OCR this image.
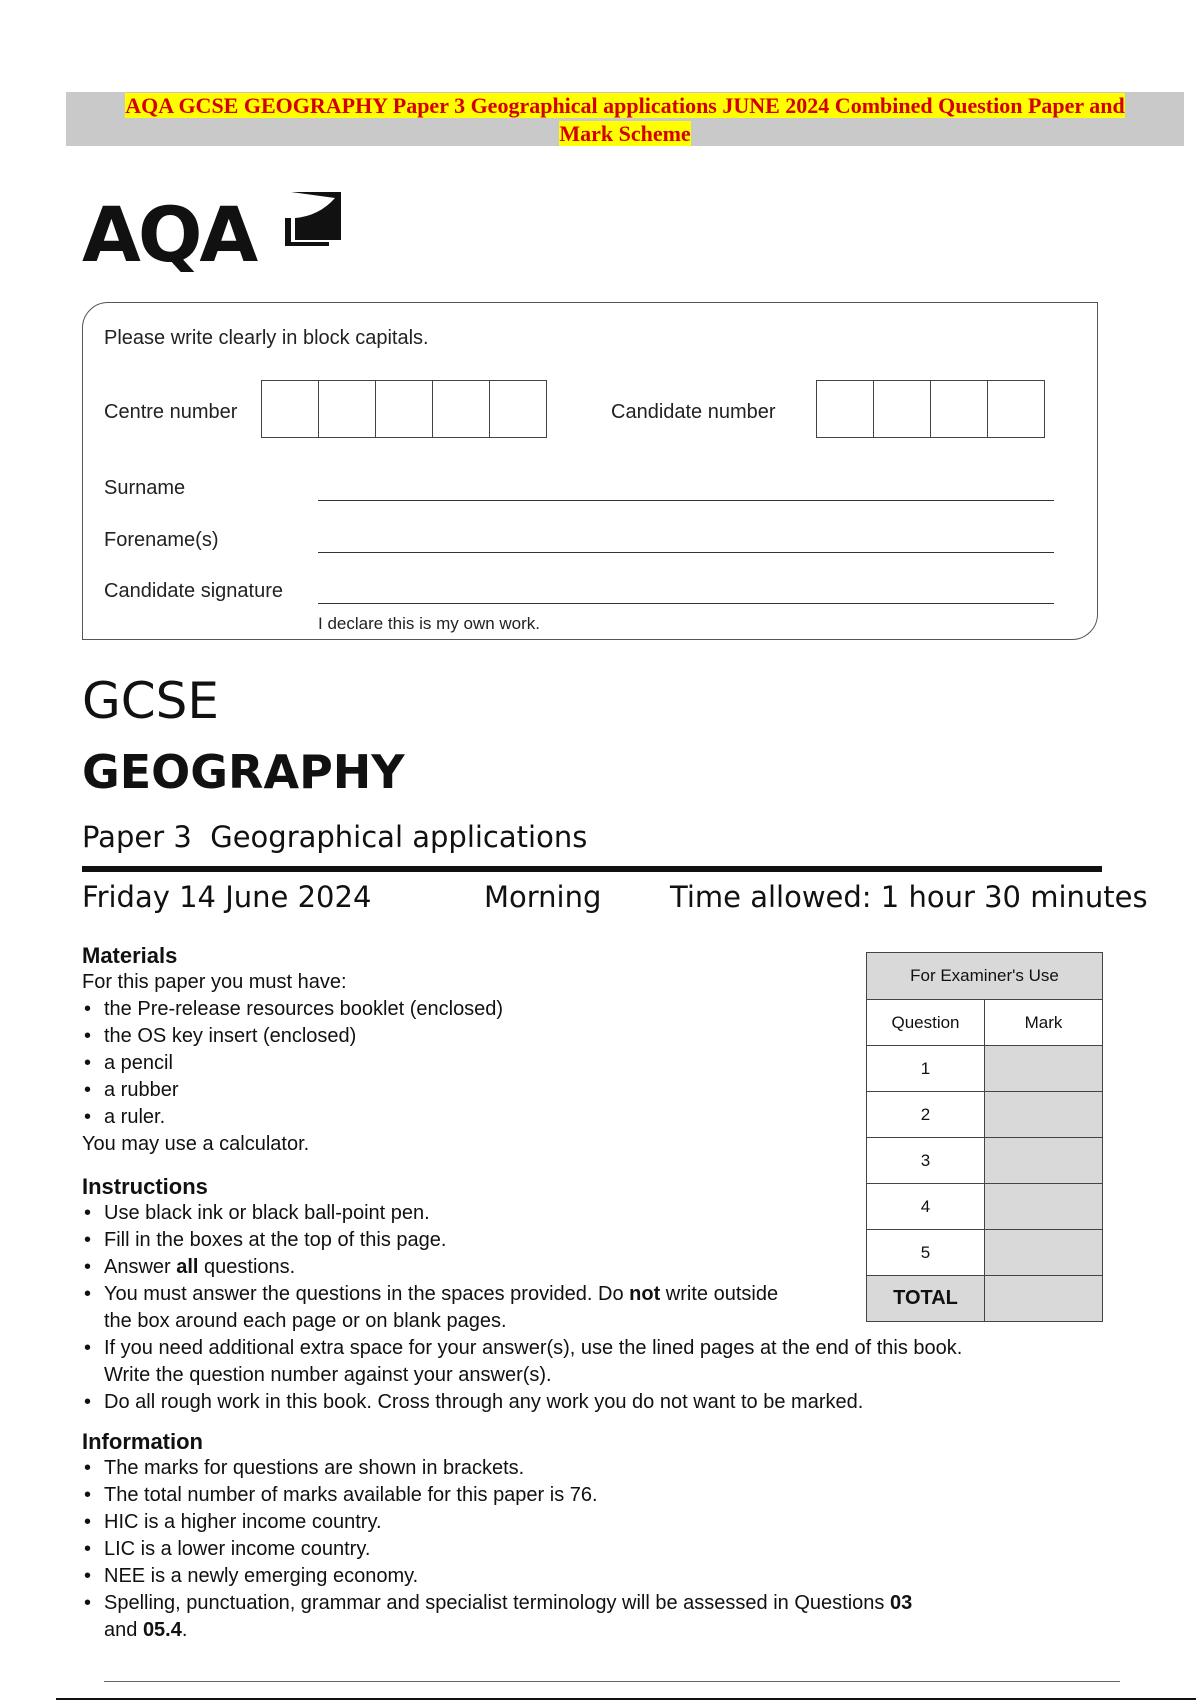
AQA GCSE GEOGRAPHY Paper 3 Geographical applications JUNE 2024 Combined Question Paper and
Mark Scheme
AQA
Please write clearly in block capitals.
Centre number	Candidate number
Surname
Forename(s)
Candidate signature
I declare this is my own work.
GCSE
GEOGRAPHY
Paper 3  Geographical applications
Friday 14 June 2024	Morning Time allowed: 1 hour 30 minutes
Materials

For this paper you must have:

• the Pre-release resources booklet (enclosed)
• the OS key insert (enclosed)
• a pencil
• a rubber
• a ruler.

You may use a calculator.

Instructions
• Use black ink or black ball-point pen.
• Fill in the boxes at the top of this page.
• Answer all questions.
• You must answer the questions in the spaces provided. Do not write outside
the box around each page or on blank pages.
• If you need additional extra space for your answer(s), use the lined pages at the end of this book.
Write the question number against your answer(s).
• Do all rough work in this book. Cross through any work you do not want to be marked.
Information
• The marks for questions are shown in brackets.
• The total number of marks available for this paper is 76.
• HIC is a higher income country.
• LIC is a lower income country.
• NEE is a newly emerging economy.
• Spelling, punctuation, grammar and specialist terminology will be assessed in Questions 03
and 05.4.
For Examiner's Use	
Question	Mark
1	
2	
3	
4	
5	
TOTAL	
